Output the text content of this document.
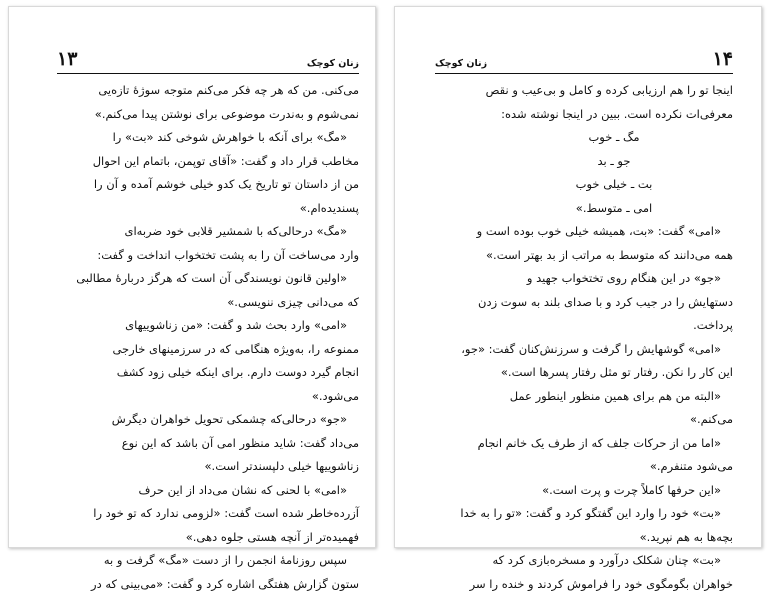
۱۳	زنان کوچک
می‌کنی. من که هر چه فکر می‌کنم متوجه سوژهٔ تازه‌یی
نمی‌شوم و به‌ندرت موضوعی برای نوشتن پیدا می‌کنم.»
«مگ» برای آنکه با خواهرش شوخی کند «بت» را
مخاطب قرار داد و گفت: «آقای توپمن، باتمام این احوال
من از داستان تو تاریخ یک کدو خیلی خوشم آمده و آن را
پسندیده‌ام.»
«مگ» درحالی‌که با شمشیر قلابی خود ضربه‌ای
وارد می‌ساخت آن را به پشت تختخواب انداخت و گفت:
«اولین قانون نویسندگی آن است که هرگز دربارهٔ مطالبی
که می‌دانی چیزی ننویسی.»
«امی» وارد بحث شد و گفت: «من زناشوییهای
ممنوعه را، به‌ویژه هنگامی که در سرزمینهای خارجی
انجام گیرد دوست دارم. برای اینکه خیلی زود کشف
می‌شود.»
«جو» درحالی‌که چشمکی تحویل خواهران دیگرش
می‌داد گفت: شاید منظور امی آن باشد که این نوع
زناشوییها خیلی دلپسندتر است.»
«امی» با لحنی که نشان می‌داد از این حرف
آزرده‌خاطر شده است گفت: «لزومی ندارد که تو خود را
فهمیده‌تر از آنچه هستی جلوه دهی.»
سپس روزنامهٔ انجمن را از دست «مگ» گرفت و به
ستون گزارش هفتگی اشاره کرد و گفت: «می‌بینی که در
۱۴
زنان کوچک
اینجا تو را هم ارزیابی کرده و کامل و بی‌عیب و نقص
معرفی‌ات نکرده است. ببین در اینجا نوشته شده:
مگ ـ خوب
جو ـ بد
بت ـ خیلی خوب
امی ـ متوسط.»
«امی» گفت: «بت، همیشه خیلی خوب بوده است و
همه می‌دانند که متوسط به مراتب از بد بهتر است.»
«جو» در این هنگام روی تختخواب جهید و
دستهایش را در جیب کرد و با صدای بلند به سوت زدن
پرداخت.
«امی» گوشهایش را گرفت و سرزنش‌کنان گفت: «جو،
این کار را نکن. رفتار تو مثل رفتار پسرها است.»
«البته من هم برای همین منظور اینطور عمل
می‌کنم.»
«اما من از حرکات جلف که از طرف یک خانم انجام
می‌شود متنفرم.»
«این حرفها کاملاً چرت و پرت است.»
«بت» خود را وارد این گفتگو کرد و گفت: «تو را به خدا
بچه‌ها به هم نپرید.»
«بت» چنان شکلک درآورد و مسخره‌بازی کرد که
خواهران بگومگوی خود را فراموش کردند و خنده را سر
